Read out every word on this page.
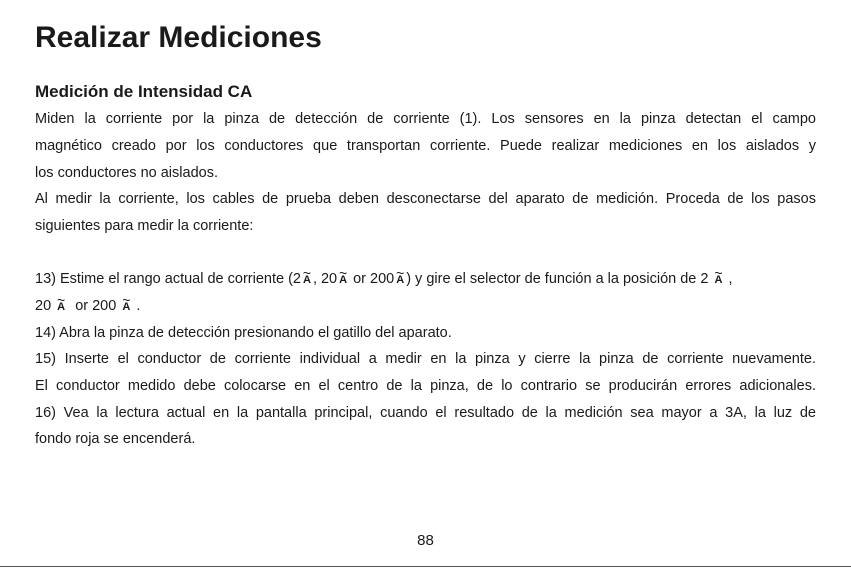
Realizar Mediciones
Medición de Intensidad CA

Miden la corriente por la pinza de detección de corriente (1). Los sensores en la pinza detectan el campo

magnético creado por los conductores que transportan corriente. Puede realizar mediciones en los aislados y

los conductores no aislados.

Al medir la corriente, los cables de prueba deben desconectarse del aparato de medición. Proceda de los pasos

siguientes para medir la corriente:

13) Estime el rango actual de corriente (2 ~ A , 20 ~ A or 200 ~ A ) y gire el selector de función a la posición de 2 ~ A ,

20 ~ A or 200 ~ A .

14) Abra la pinza de detección presionando el gatillo del aparato.

15) Inserte el conductor de corriente individual a medir en la pinza y cierre la pinza de corriente nuevamente.

El conductor medido debe colocarse en el centro de la pinza, de lo contrario se producirán errores adicionales.

16) Vea la lectura actual en la pantalla principal, cuando el resultado de la medición sea mayor a 3A, la luz de

fondo roja se encenderá.

88
